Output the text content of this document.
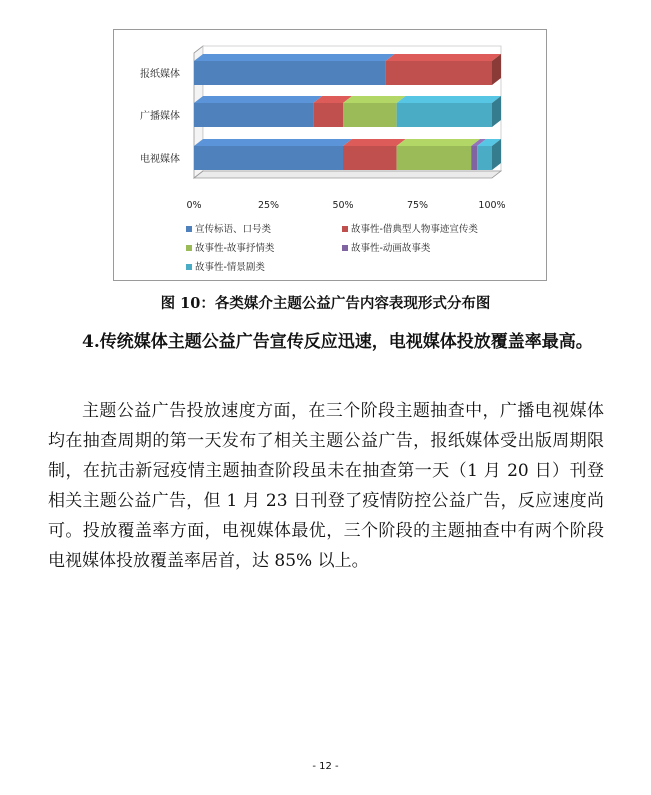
报纸媒体
广播媒体
电视媒体
0%	25%	50%	75%	100%
宣传标语、口号类	故事性-借典型人物事迹宣传类
故事性-故事抒情类	故事性-动画故事类
故事性-情景剧类
图 10：各类媒介主题公益广告内容表现形式分布图

4.传统媒体主题公益广告宣传反应迅速，电视媒体投放覆盖率最高。

主题公益广告投放速度方面，在三个阶段主题抽查中，广播电视媒体均在抽查周期的第一天发布了相关主题公益广告，报纸媒体受出版周期限制，在抗击新冠疫情主题抽查阶段虽未在抽查第一天（1 月 20 日）刊登相关主题公益广告，但 1 月 23 日刊登了疫情防控公益广告，反应速度尚可。投放覆盖率方面，电视媒体最优，三个阶段的主题抽查中有两个阶段电视媒体投放覆盖率居首，达 85% 以上。

- 12 -
